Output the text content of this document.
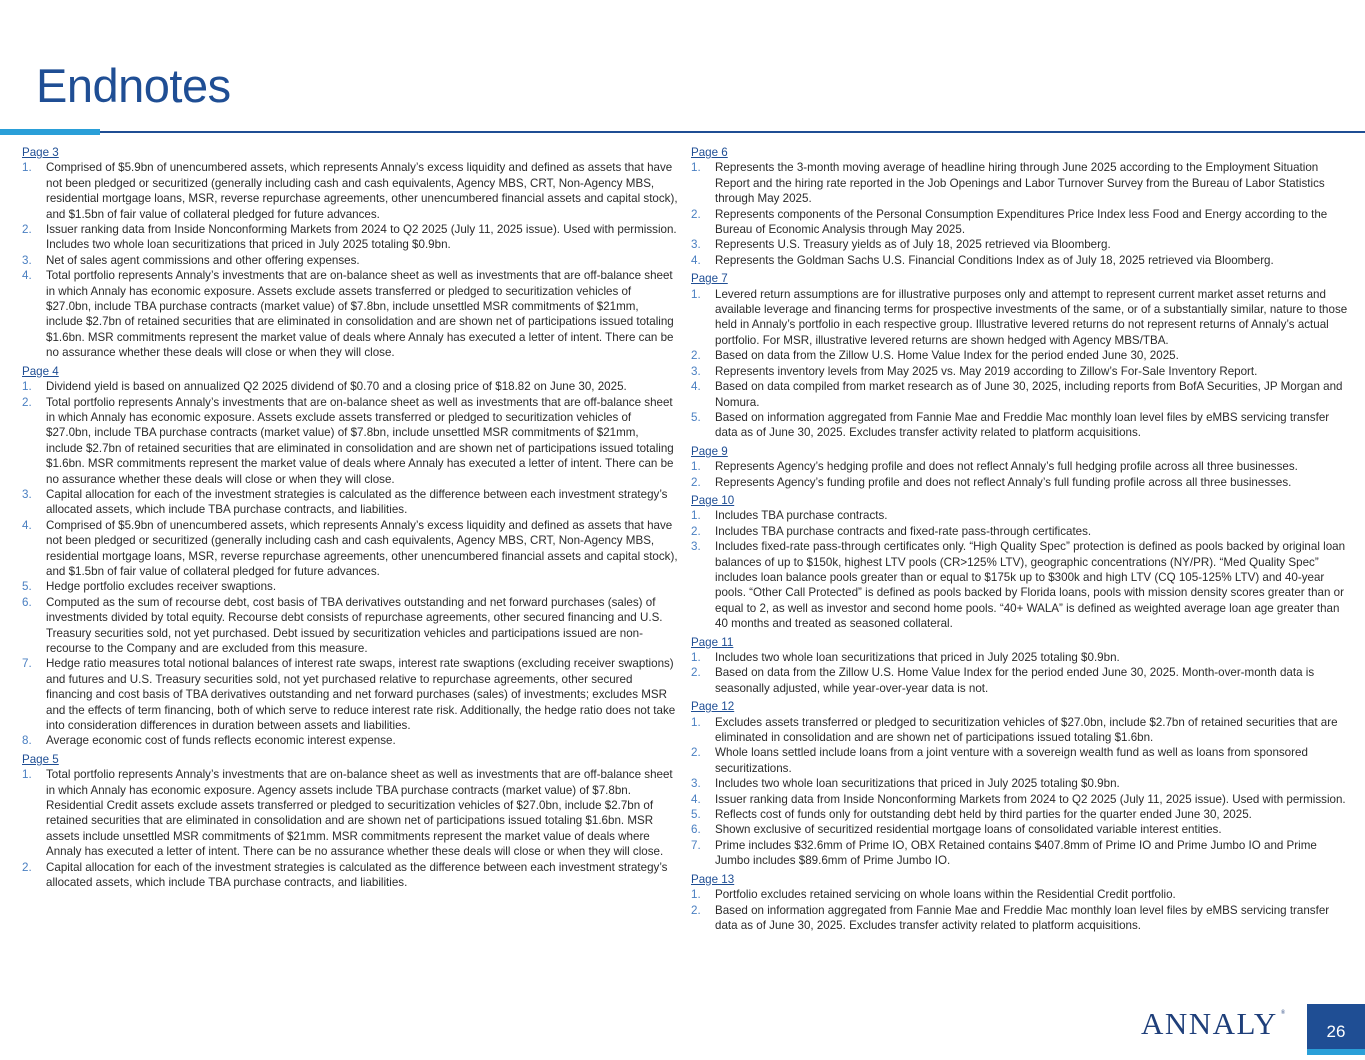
Endnotes
Page 3
1. Comprised of $5.9bn of unencumbered assets, which represents Annaly’s excess liquidity and defined as assets that have not been pledged or securitized (generally including cash and cash equivalents, Agency MBS, CRT, Non-Agency MBS, residential mortgage loans, MSR, reverse repurchase agreements, other unencumbered financial assets and capital stock), and $1.5bn of fair value of collateral pledged for future advances.
2. Issuer ranking data from Inside Nonconforming Markets from 2024 to Q2 2025 (July 11, 2025 issue). Used with permission. Includes two whole loan securitizations that priced in July 2025 totaling $0.9bn.
3. Net of sales agent commissions and other offering expenses.
4. Total portfolio represents Annaly’s investments that are on-balance sheet as well as investments that are off-balance sheet in which Annaly has economic exposure. Assets exclude assets transferred or pledged to securitization vehicles of $27.0bn, include TBA purchase contracts (market value) of $7.8bn, include unsettled MSR commitments of $21mm, include $2.7bn of retained securities that are eliminated in consolidation and are shown net of participations issued totaling $1.6bn. MSR commitments represent the market value of deals where Annaly has executed a letter of intent. There can be no assurance whether these deals will close or when they will close.
Page 4
1. Dividend yield is based on annualized Q2 2025 dividend of $0.70 and a closing price of $18.82 on June 30, 2025.
2. Total portfolio represents Annaly’s investments that are on-balance sheet as well as investments that are off-balance sheet in which Annaly has economic exposure. Assets exclude assets transferred or pledged to securitization vehicles of $27.0bn, include TBA purchase contracts (market value) of $7.8bn, include unsettled MSR commitments of $21mm, include $2.7bn of retained securities that are eliminated in consolidation and are shown net of participations issued totaling $1.6bn. MSR commitments represent the market value of deals where Annaly has executed a letter of intent. There can be no assurance whether these deals will close or when they will close.
3. Capital allocation for each of the investment strategies is calculated as the difference between each investment strategy’s allocated assets, which include TBA purchase contracts, and liabilities.
4. Comprised of $5.9bn of unencumbered assets, which represents Annaly’s excess liquidity and defined as assets that have not been pledged or securitized (generally including cash and cash equivalents, Agency MBS, CRT, Non-Agency MBS, residential mortgage loans, MSR, reverse repurchase agreements, other unencumbered financial assets and capital stock), and $1.5bn of fair value of collateral pledged for future advances.
5. Hedge portfolio excludes receiver swaptions.
6. Computed as the sum of recourse debt, cost basis of TBA derivatives outstanding and net forward purchases (sales) of investments divided by total equity. Recourse debt consists of repurchase agreements, other secured financing and U.S. Treasury securities sold, not yet purchased. Debt issued by securitization vehicles and participations issued are non-recourse to the Company and are excluded from this measure.
7. Hedge ratio measures total notional balances of interest rate swaps, interest rate swaptions (excluding receiver swaptions) and futures and U.S. Treasury securities sold, not yet purchased relative to repurchase agreements, other secured financing and cost basis of TBA derivatives outstanding and net forward purchases (sales) of investments; excludes MSR and the effects of term financing, both of which serve to reduce interest rate risk. Additionally, the hedge ratio does not take into consideration differences in duration between assets and liabilities.
8. Average economic cost of funds reflects economic interest expense.
Page 5
1. Total portfolio represents Annaly’s investments that are on-balance sheet as well as investments that are off-balance sheet in which Annaly has economic exposure. Agency assets include TBA purchase contracts (market value) of $7.8bn. Residential Credit assets exclude assets transferred or pledged to securitization vehicles of $27.0bn, include $2.7bn of retained securities that are eliminated in consolidation and are shown net of participations issued totaling $1.6bn. MSR assets include unsettled MSR commitments of $21mm. MSR commitments represent the market value of deals where Annaly has executed a letter of intent. There can be no assurance whether these deals will close or when they will close.
2. Capital allocation for each of the investment strategies is calculated as the difference between each investment strategy’s allocated assets, which include TBA purchase contracts, and liabilities.
Page 6
1. Represents the 3-month moving average of headline hiring through June 2025 according to the Employment Situation Report and the hiring rate reported in the Job Openings and Labor Turnover Survey from the Bureau of Labor Statistics through May 2025.
2. Represents components of the Personal Consumption Expenditures Price Index less Food and Energy according to the Bureau of Economic Analysis through May 2025.
3. Represents U.S. Treasury yields as of July 18, 2025 retrieved via Bloomberg.
4. Represents the Goldman Sachs U.S. Financial Conditions Index as of July 18, 2025 retrieved via Bloomberg.
Page 7
1. Levered return assumptions are for illustrative purposes only and attempt to represent current market asset returns and available leverage and financing terms for prospective investments of the same, or of a substantially similar, nature to those held in Annaly’s portfolio in each respective group. Illustrative levered returns do not represent returns of Annaly’s actual portfolio. For MSR, illustrative levered returns are shown hedged with Agency MBS/TBA.
2. Based on data from the Zillow U.S. Home Value Index for the period ended June 30, 2025.
3. Represents inventory levels from May 2025 vs. May 2019 according to Zillow’s For-Sale Inventory Report.
4. Based on data compiled from market research as of June 30, 2025, including reports from BofA Securities, JP Morgan and Nomura.
5. Based on information aggregated from Fannie Mae and Freddie Mac monthly loan level files by eMBS servicing transfer data as of June 30, 2025. Excludes transfer activity related to platform acquisitions.
Page 9
1. Represents Agency’s hedging profile and does not reflect Annaly’s full hedging profile across all three businesses.
2. Represents Agency’s funding profile and does not reflect Annaly’s full funding profile across all three businesses.
Page 10
1. Includes TBA purchase contracts.
2. Includes TBA purchase contracts and fixed-rate pass-through certificates.
3. Includes fixed-rate pass-through certificates only. “High Quality Spec” protection is defined as pools backed by original loan balances of up to $150k, highest LTV pools (CR>125% LTV), geographic concentrations (NY/PR). “Med Quality Spec” includes loan balance pools greater than or equal to $175k up to $300k and high LTV (CQ 105-125% LTV) and 40-year pools. “Other Call Protected” is defined as pools backed by Florida loans, pools with mission density scores greater than or equal to 2, as well as investor and second home pools. “40+ WALA” is defined as weighted average loan age greater than 40 months and treated as seasoned collateral.
Page 11
1. Includes two whole loan securitizations that priced in July 2025 totaling $0.9bn.
2. Based on data from the Zillow U.S. Home Value Index for the period ended June 30, 2025. Month-over-month data is seasonally adjusted, while year-over-year data is not.
Page 12
1. Excludes assets transferred or pledged to securitization vehicles of $27.0bn, include $2.7bn of retained securities that are eliminated in consolidation and are shown net of participations issued totaling $1.6bn.
2. Whole loans settled include loans from a joint venture with a sovereign wealth fund as well as loans from sponsored securitizations.
3. Includes two whole loan securitizations that priced in July 2025 totaling $0.9bn.
4. Issuer ranking data from Inside Nonconforming Markets from 2024 to Q2 2025 (July 11, 2025 issue). Used with permission.
5. Reflects cost of funds only for outstanding debt held by third parties for the quarter ended June 30, 2025.
6. Shown exclusive of securitized residential mortgage loans of consolidated variable interest entities.
7. Prime includes $32.6mm of Prime IO, OBX Retained contains $407.8mm of Prime IO and Prime Jumbo IO and Prime Jumbo includes $89.6mm of Prime Jumbo IO.
Page 13
1. Portfolio excludes retained servicing on whole loans within the Residential Credit portfolio.
2. Based on information aggregated from Fannie Mae and Freddie Mac monthly loan level files by eMBS servicing transfer data as of June 30, 2025. Excludes transfer activity related to platform acquisitions.
ANNALY ®
26
